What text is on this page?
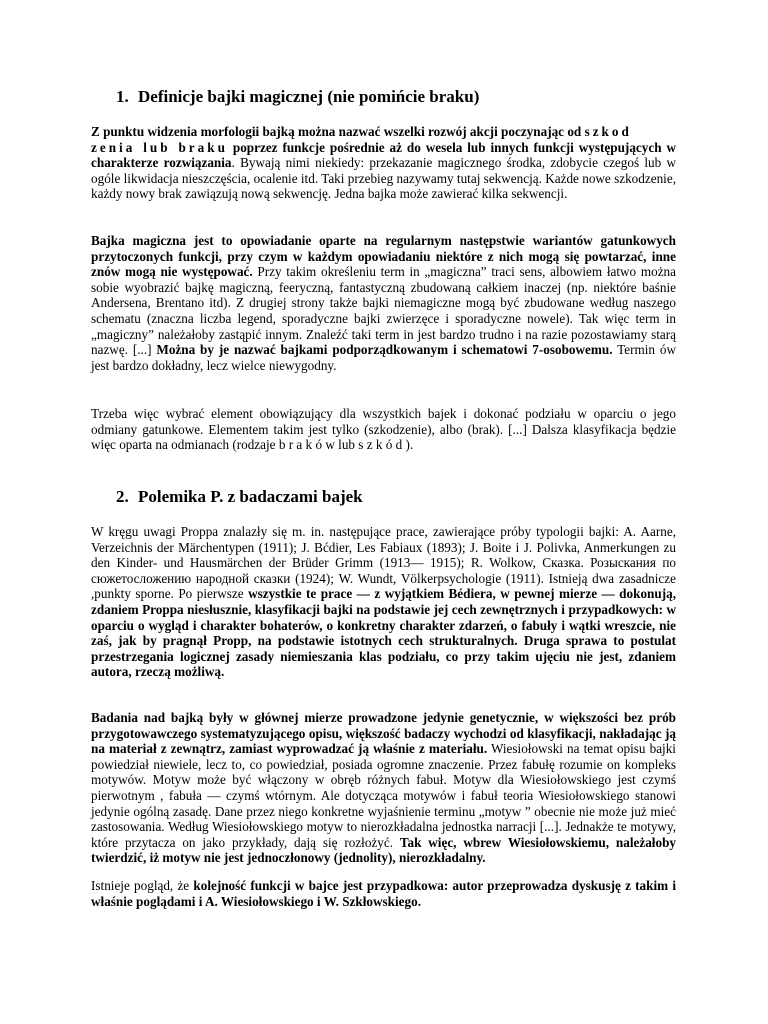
1. Definicje bajki magicznej (nie pomińcie braku)

Z punktu widzenia morfologii bajką można nazwać wszelki rozwój akcji poczynając od szkod
zenia lub braku poprzez funkcje pośrednie aż do wesela lub innych funkcji występujących w charakterze rozwiązania. Bywają nimi niekiedy: przekazanie magicznego środka, zdobycie czegoś lub w ogóle likwidacja nieszczęścia, ocalenie itd. Taki przebieg nazywamy tutaj sekwencją. Każde nowe szkodzenie, każdy nowy brak zawiązują nową sekwencję. Jedna bajka może zawierać kilka sekwencji.

Bajka magiczna jest to opowiadanie oparte na regularnym następstwie wariantów gatunkowych przytoczonych funkcji, przy czym w każdym opowiadaniu niektóre z nich mogą się powtarzać, inne znów mogą nie występować. Przy takim określeniu term in „magiczna” traci sens, albowiem łatwo można sobie wyobrazić bajkę magiczną, feeryczną, fantastyczną zbudowaną całkiem inaczej (np. niektóre baśnie Andersena, Brentano itd). Z drugiej strony także bajki niemagiczne mogą być zbudowane według naszego schematu (znaczna liczba legend, sporadyczne bajki zwierzęce i sporadyczne nowele). Tak więc term in „magiczny” należałoby zastąpić innym. Znaleźć taki term in jest bardzo trudno i na razie pozostawiamy starą nazwę. [...] Można by je nazwać bajkami podporządkowanym i schematowi 7-osobowemu. Termin ów jest bardzo dokładny, lecz wielce niewygodny.

Trzeba więc wybrać element obowiązujący dla wszystkich bajek i dokonać podziału w oparciu o jego odmiany gatunkowe. Elementem takim jest tylko (szkodzenie), albo (brak). [...] Dalsza klasyfikacja będzie więc oparta na odmianach (rodzaje b r a k ó w lub s z k ó d ).

2. Polemika P. z badaczami bajek

W kręgu uwagi Proppa znalazły się m. in. następujące prace, zawierające próby typologii bajki: A. Aarne, Verzeichnis der Märchentypen (1911); J. Bćdier, Les Fabiaux (1893); J. Boite i J. Polivka, Anmerkungen zu den Kinder- und Hausmärchen der Brüder Grimm (1913— 1915); R. Wolkow, Сказка. Розыскания по сюжетосложению народной сказки (1924); W. Wundt, Völkerpsychologie (1911). Istnieją dwa zasadnicze ,punkty sporne. Po pierwsze wszystkie te prace — z wyjątkiem Bédiera, w pewnej mierze — dokonują, zdaniem Proppa niesłusznie, klasyfikacji bajki na podstawie jej cech zewnętrznych i przypadkowych: w oparciu o wygląd i charakter bohaterów, o konkretny charakter zdarzeń, o fabuły i wątki wreszcie, nie zaś, jak by pragnął Propp, na podstawie istotnych cech strukturalnych. Druga sprawa to postulat przestrzegania logicznej zasady niemieszania klas podziału, co przy takim ujęciu nie jest, zdaniem autora, rzeczą możliwą.

Badania nad bajką były w głównej mierze prowadzone jedynie genetycznie, w większości bez prób przygotowawczego systematyzującego opisu, większość badaczy wychodzi od klasyfikacji, nakładając ją na materiał z zewnątrz, zamiast wyprowadzać ją właśnie z materiału. Wiesiołowski na temat opisu bajki powiedział niewiele, lecz to, co powiedział, posiada ogromne znaczenie. Przez fabułę rozumie on kompleks motywów. Motyw może być włączony w obręb różnych fabuł. Motyw dla Wiesiołowskiego jest czymś pierwotnym , fabuła — czymś wtórnym. Ale dotycząca motywów i fabuł teoria Wiesiołowskiego stanowi jedynie ogólną zasadę. Dane przez niego konkretne wyjaśnienie terminu „motyw ” obecnie nie może już mieć zastosowania. Według Wiesiołowskiego motyw to nierozkładalna jednostka narracji [...]. Jednakże te motywy, które przytacza on jako przykłady, dają się rozłożyć. Tak więc, wbrew Wiesiołowskiemu, należałoby twierdzić, iż motyw nie jest jednoczłonowy (jednolity), nierozkładalny.

Istnieje pogląd, że kolejność funkcji w bajce jest przypadkowa: autor przeprowadza dyskusję z takim i właśnie poglądami i A. Wiesiołowskiego i W. Szkłowskiego.
